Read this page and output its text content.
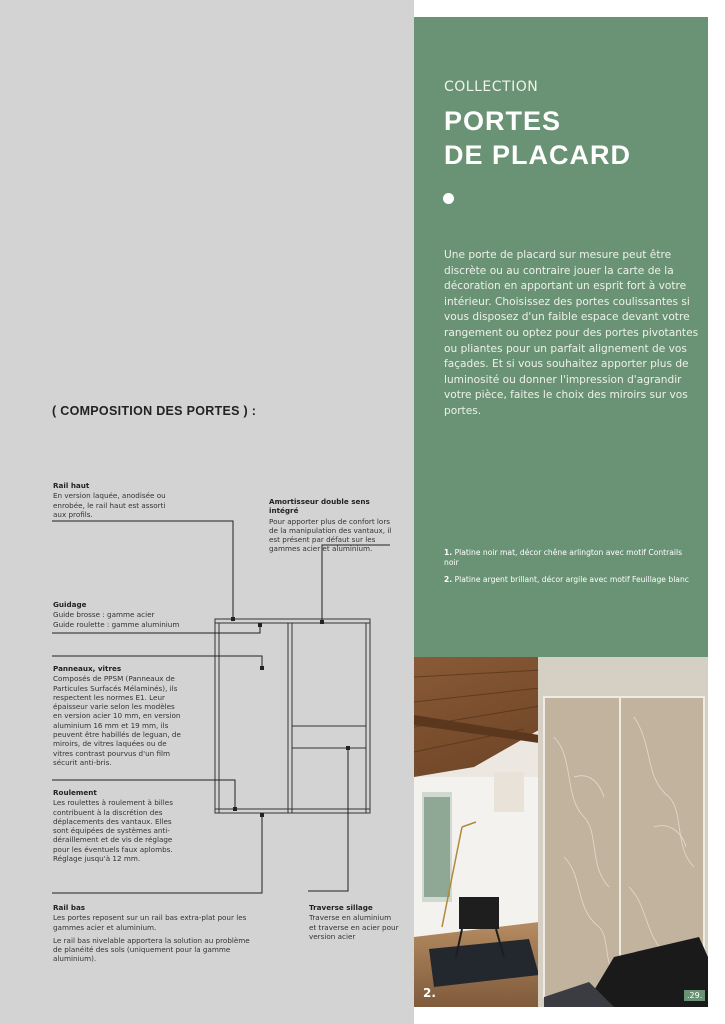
COLLECTION
PORTES
DE PLACARD
Une porte de placard sur mesure peut être discrète ou au contraire jouer la carte de la décoration en apportant un esprit fort à votre intérieur. Choisissez des portes coulissantes si vous disposez d'un faible espace devant votre rangement ou optez pour des portes pivotantes ou pliantes pour un parfait alignement de vos façades. Et si vous souhaitez apporter plus de luminosité ou donner l'impression d'agrandir votre pièce, faites le choix des miroirs sur vos portes.

1. Platine noir mat, décor chêne arlington avec motif Contrails noir

2. Platine argent brillant, décor argile avec motif Feuillage blanc

( COMPOSITION DES PORTES ) :
Rail haut
En version laquée, anodisée ou enrobée, le rail haut est assorti aux profils.
Amortisseur double sens intégré
Pour apporter plus de confort lors de la manipulation des vantaux, il est présent par défaut sur les gammes acier et aluminium.
Guidage
Guide brosse : gamme acier
Guide roulette : gamme aluminium
Panneaux, vitres
Composés de PPSM (Panneaux de Particules Surfacés Mélaminés), ils respectent les normes E1. Leur épaisseur varie selon les modèles en version acier 10 mm, en version aluminium 16 mm et 19 mm, ils peuvent être habillés de leguan, de miroirs, de vitres laquées ou de vitres contrast pourvus d'un film sécurit anti-bris.
Roulement
Les roulettes à roulement à billes contribuent à la discrétion des déplacements des vantaux. Elles sont équipées de systèmes anti-déraillement et de vis de réglage pour les éventuels faux aplombs. Réglage jusqu'à 12 mm.
Rail bas
Les portes reposent sur un rail bas extra-plat pour les gammes acier et aluminium.
Le rail bas nivelable apportera la solution au problème de planéité des sols (uniquement pour la gamme aluminium).
Traverse sillage
Traverse en aluminium et traverse en acier pour version acier
2.	.29.
